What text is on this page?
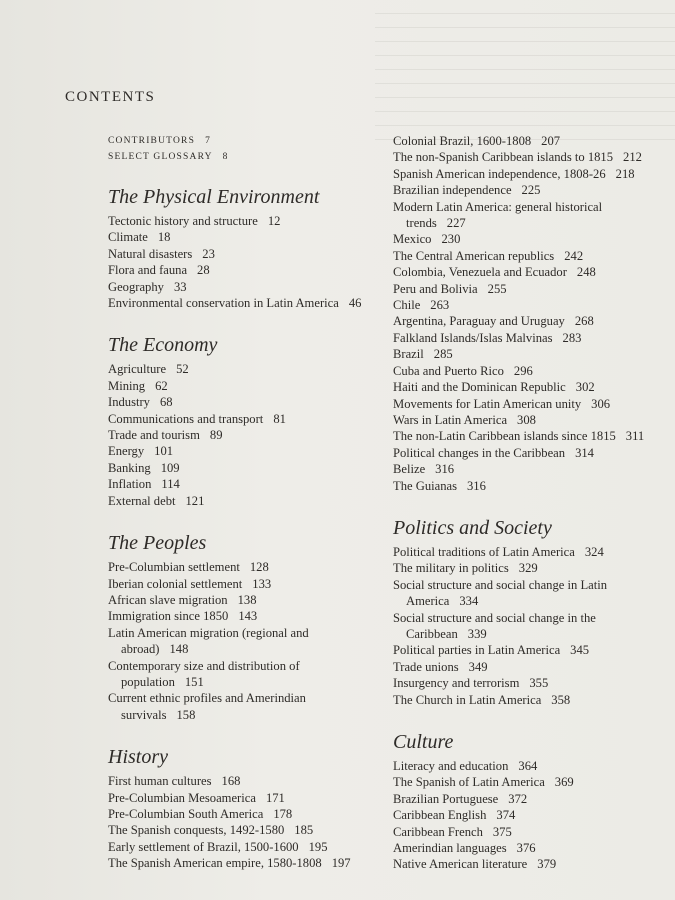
CONTENTS
CONTRIBUTORS 7
SELECT GLOSSARY 8
The Physical Environment
Tectonic history and structure 12
Climate 18
Natural disasters 23
Flora and fauna 28
Geography 33
Environmental conservation in Latin America 46
The Economy
Agriculture 52
Mining 62
Industry 68
Communications and transport 81
Trade and tourism 89
Energy 101
Banking 109
Inflation 114
External debt 121
The Peoples
Pre-Columbian settlement 128
Iberian colonial settlement 133
African slave migration 138
Immigration since 1850 143
Latin American migration (regional and abroad) 148
Contemporary size and distribution of population 151
Current ethnic profiles and Amerindian survivals 158
History
First human cultures 168
Pre-Columbian Mesoamerica 171
Pre-Columbian South America 178
The Spanish conquests, 1492-1580 185
Early settlement of Brazil, 1500-1600 195
The Spanish American empire, 1580-1808 197
Colonial Brazil, 1600-1808 207
The non-Spanish Caribbean islands to 1815 212
Spanish American independence, 1808-26 218
Brazilian independence 225
Modern Latin America: general historical trends 227
Mexico 230
The Central American republics 242
Colombia, Venezuela and Ecuador 248
Peru and Bolivia 255
Chile 263
Argentina, Paraguay and Uruguay 268
Falkland Islands/Islas Malvinas 283
Brazil 285
Cuba and Puerto Rico 296
Haiti and the Dominican Republic 302
Movements for Latin American unity 306
Wars in Latin America 308
The non-Latin Caribbean islands since 1815 311
Political changes in the Caribbean 314
Belize 316
The Guianas 316
Politics and Society
Political traditions of Latin America 324
The military in politics 329
Social structure and social change in Latin America 334
Social structure and social change in the Caribbean 339
Political parties in Latin America 345
Trade unions 349
Insurgency and terrorism 355
The Church in Latin America 358
Culture
Literacy and education 364
The Spanish of Latin America 369
Brazilian Portuguese 372
Caribbean English 374
Caribbean French 375
Amerindian languages 376
Native American literature 379
